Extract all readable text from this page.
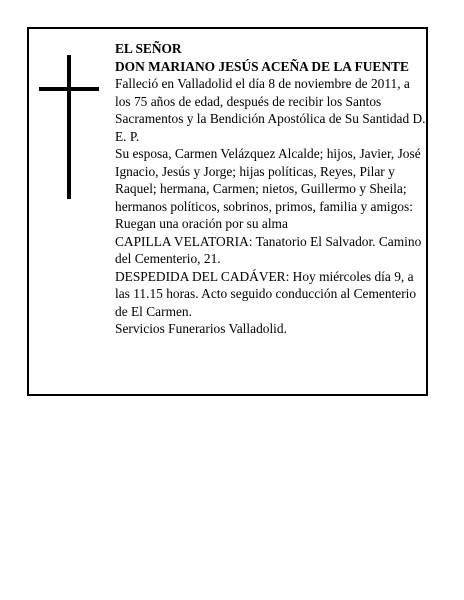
EL SEÑOR

DON MARIANO JESÚS ACEÑA DE LA FUENTE

Falleció en Valladolid el día 8 de noviembre de 2011, a los 75 años de edad, después de recibir los Santos Sacramentos y la Bendición Apostólica de Su Santidad D. E. P.

Su esposa, Carmen Velázquez Alcalde; hijos, Javier, José Ignacio, Jesús y Jorge; hijas políticas, Reyes, Pilar y Raquel; hermana, Carmen; nietos, Guillermo y Sheila; hermanos políticos, sobrinos, primos, familia y amigos:

Ruegan una oración por su alma

CAPILLA VELATORIA: Tanatorio El Salvador. Camino del Cementerio, 21.

DESPEDIDA DEL CADÁVER: Hoy miércoles día 9, a las 11.15 horas. Acto seguido conducción al Cementerio de El Carmen.

Servicios Funerarios Valladolid.
